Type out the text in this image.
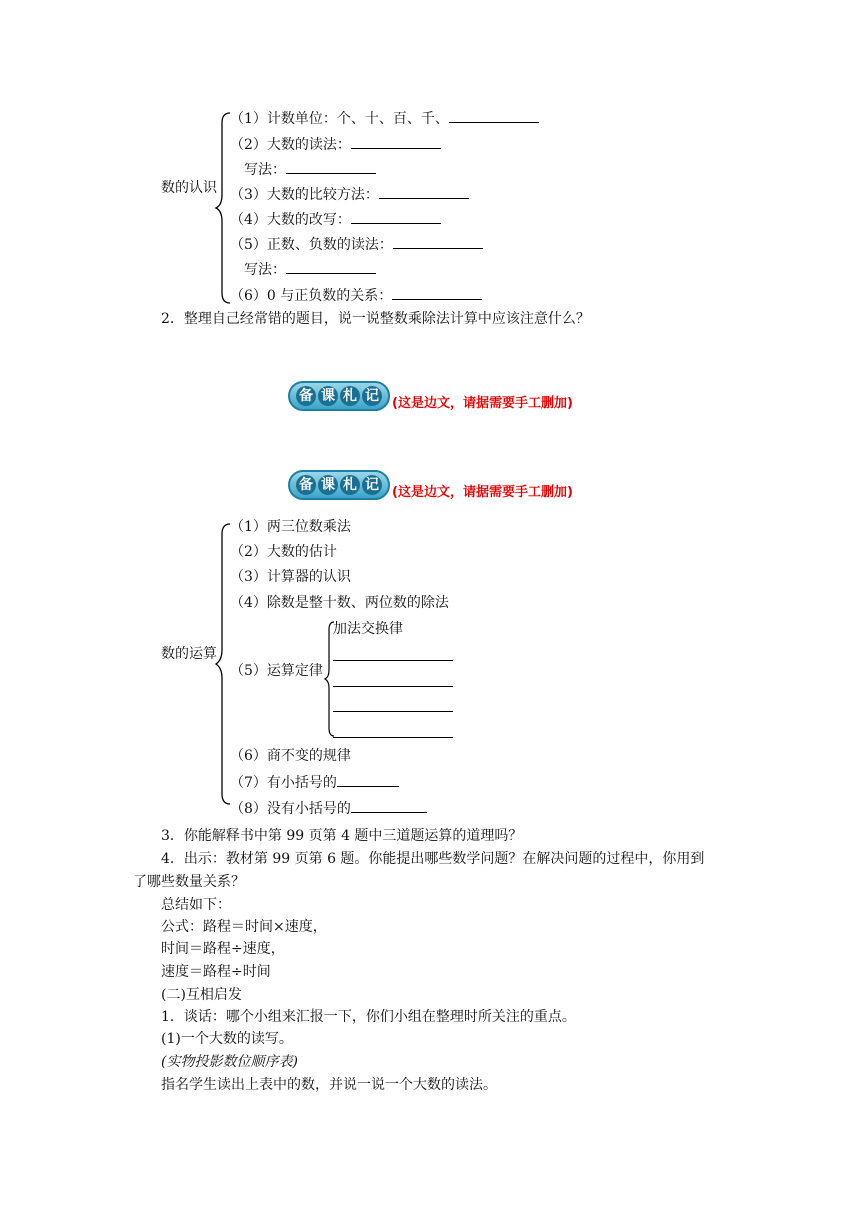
数的认识
（1）计数单位：个、十、百、千、
（2）大数的读法：
写法：
（3）大数的比较方法：
（4）大数的改写：
（5）正数、负数的读法：
写法：
（6）0 与正负数的关系：
2．整理自己经常错的题目，说一说整数乘除法计算中应该注意什么？
备 课 札 记 (这是边文，请据需要手工删加)
备 课 札 记 (这是边文，请据需要手工删加)
数的运算
（1）两三位数乘法
（2）大数的估计
（3）计算器的认识
（4）除数是整十数、两位数的除法
（5）运算定律
加法交换律
（6）商不变的规律
（7）有小括号的
（8）没有小括号的
3．你能解释书中第 99 页第 4 题中三道题运算的道理吗？
4．出示：教材第 99 页第 6 题。你能提出哪些数学问题？在解决问题的过程中，你用到
了哪些数量关系？
总结如下：
公式：路程＝时间×速度，
时间＝路程÷速度，
速度＝路程÷时间
(二)互相启发
1．谈话：哪个小组来汇报一下，你们小组在整理时所关注的重点。
(1)一个大数的读写。
(实物投影数位顺序表)
指名学生读出上表中的数，并说一说一个大数的读法。
